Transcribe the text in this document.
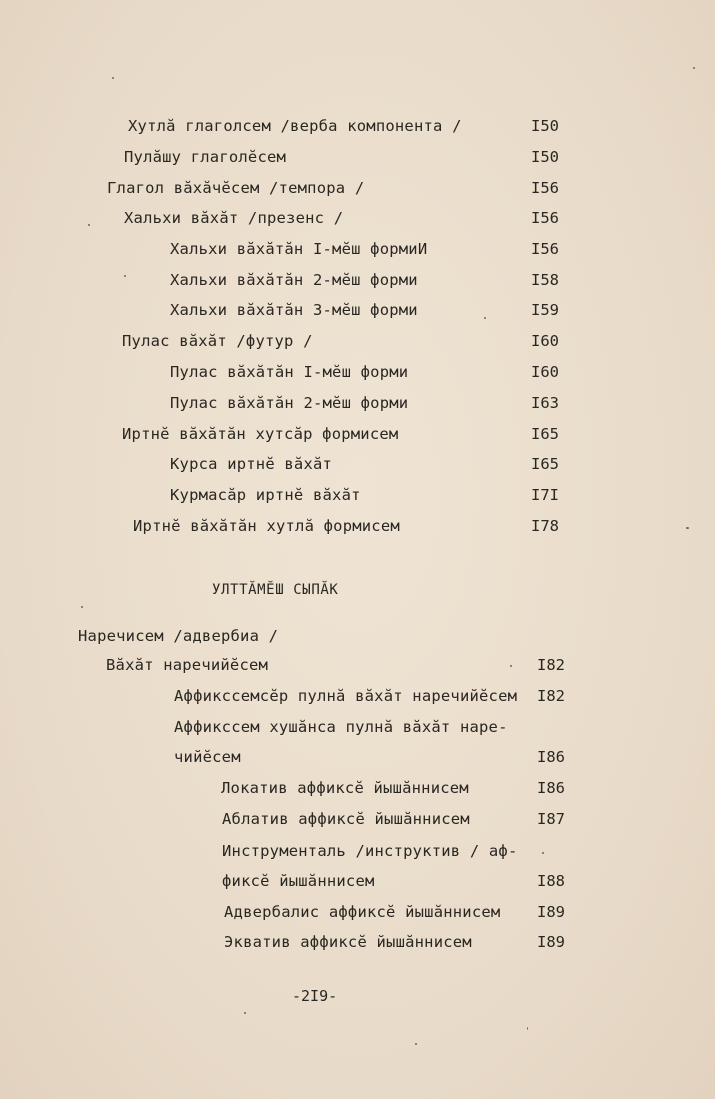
Хутлă глаголсем /верба компонента /	I50
Пулăшу глаголĕсем	I50
Глагол вăхăчĕсем /темпора /	I56
Хальхи вăхăт /презенс /	I56
Хальхи вăхăтăн I-мĕш формиИ	I56
Хальхи вăхăтăн 2-мĕш форми	I58
Хальхи вăхăтăн 3-мĕш форми	I59
Пулас вăхăт /футур /	I60
Пулас вăхăтăн I-мĕш форми	I60
Пулас вăхăтăн 2-мĕш форми	I63
Иртнĕ вăхăтăн хутсăр формисем	I65
Курса иртнĕ вăхăт	I65
Курмасăр иртнĕ вăхăт	I7I
Иртнĕ вăхăтăн хутлă формисем	I78
УЛТТĂМĔШ СЫПĂК
Наречисем /адвербиа /
Вăхăт наречийĕсем	I82
Аффикссемсĕр пулнă вăхăт наречийĕсем I82
Аффикссем хушăнса пулнă вăхăт наре-
чийĕсем	I86
Локатив аффиксĕ йышăннисем	I86
Аблатив аффиксĕ йышăннисем	I87
Инструменталь /инструктив / аф-
фиксĕ йышăннисем	I88
Адвербалис аффиксĕ йышăннисем I89
Экватив аффиксĕ йышăннисем	I89
-2I9-
